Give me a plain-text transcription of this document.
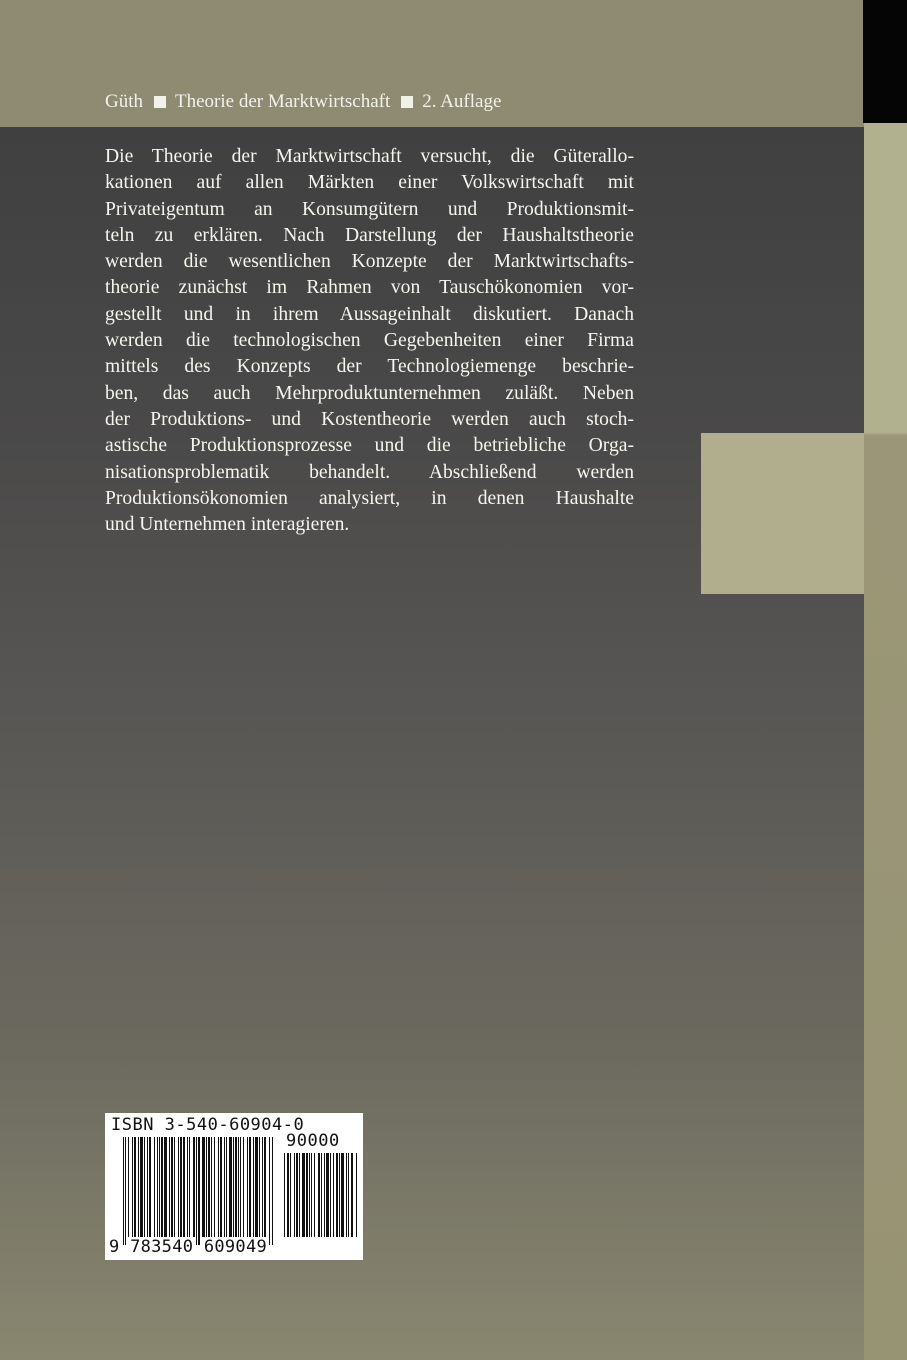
Güth Theorie der Marktwirtschaft 2. Auflage
Die Theorie der Marktwirtschaft versucht, die Güterallo-
kationen auf allen Märkten einer Volkswirtschaft mit
Privateigentum an Konsumgütern und Produktionsmit-
teln zu erklären. Nach Darstellung der Haushaltstheorie
werden die wesentlichen Konzepte der Marktwirtschafts-
theorie zunächst im Rahmen von Tauschökonomien vor-
gestellt und in ihrem Aussageinhalt diskutiert. Danach
werden die technologischen Gegebenheiten einer Firma
mittels des Konzepts der Technologiemenge beschrie-
ben, das auch Mehrproduktunternehmen zuläßt. Neben
der Produktions- und Kostentheorie werden auch stoch-
astische Produktionsprozesse und die betriebliche Orga-
nisationsproblematik behandelt. Abschließend werden
Produktionsökonomien analysiert, in denen Haushalte
und Unternehmen interagieren.
ISBN 3-540-60904-0
90000
9 783540 609049
